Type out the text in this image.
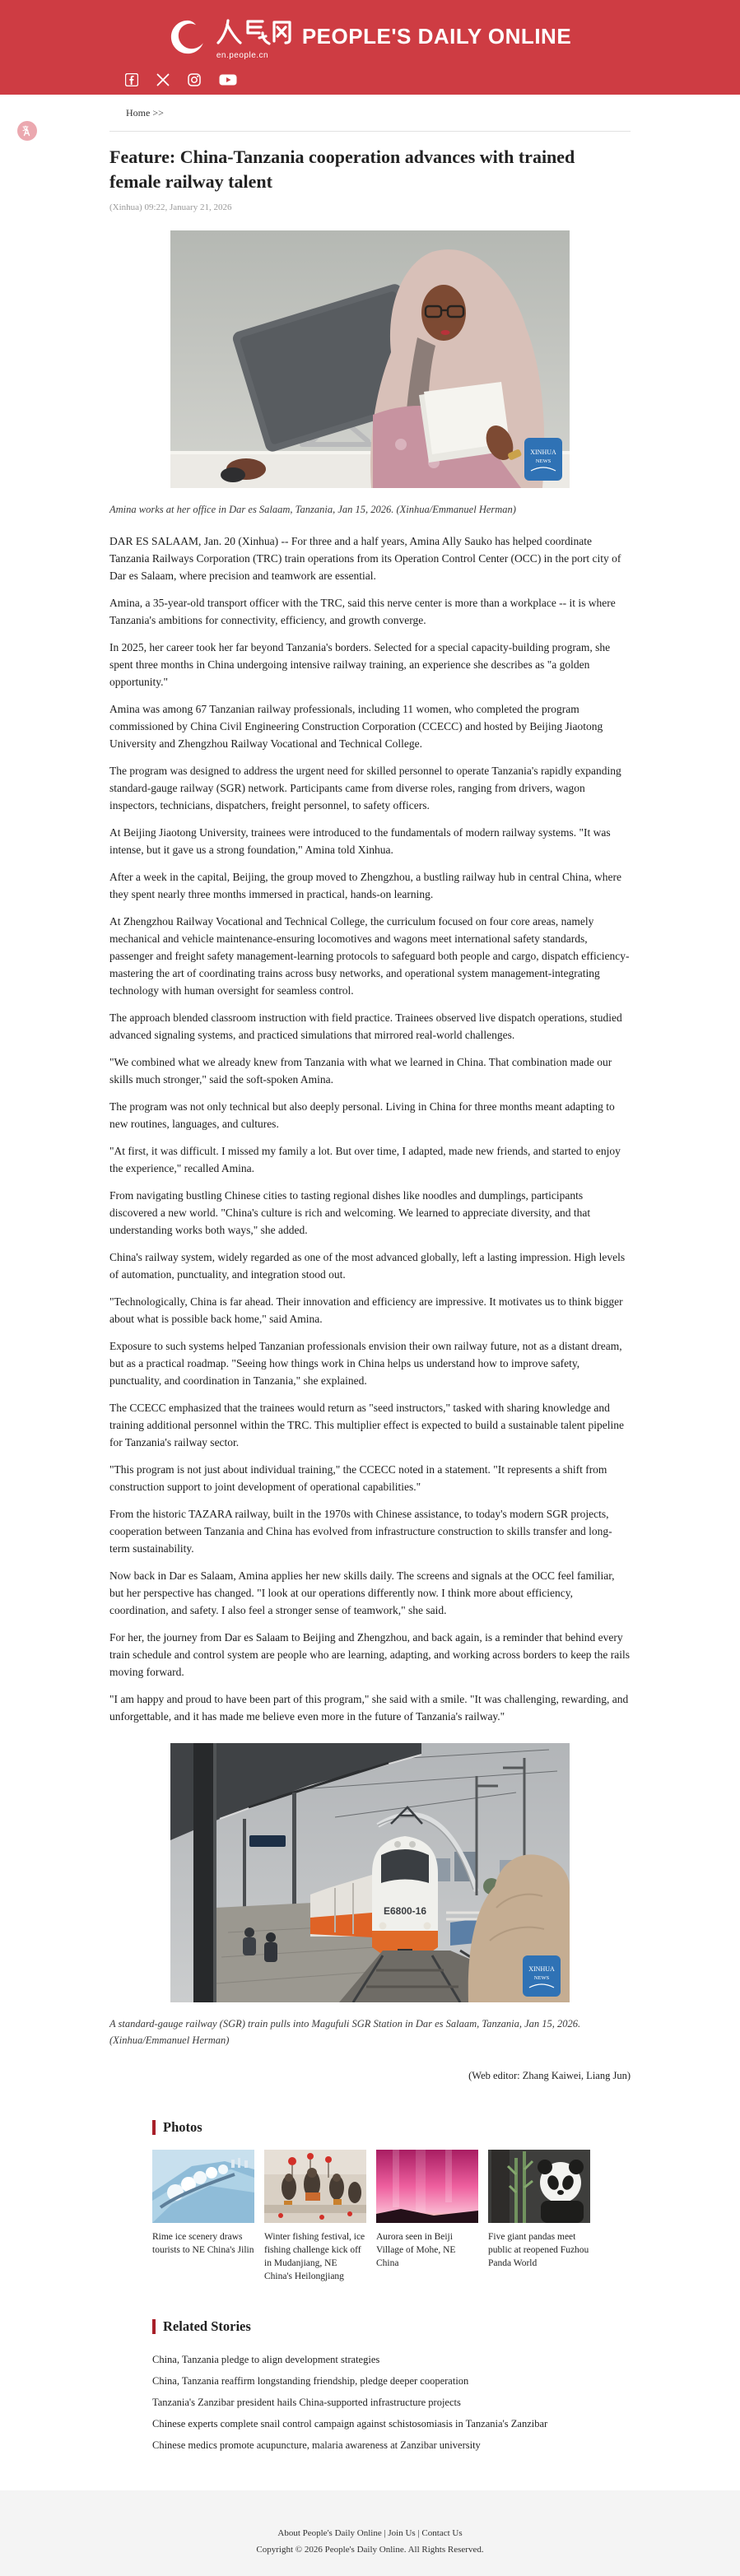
en.people.cn
PEOPLE'S DAILY ONLINE
Home >>
Feature: China-Tanzania cooperation advances with trained female railway talent
(Xinhua) 09:22, January 21, 2026
XINHUA
NEWS
Amina works at her office in Dar es Salaam, Tanzania, Jan 15, 2026. (Xinhua/Emmanuel Herman)

DAR ES SALAAM, Jan. 20 (Xinhua) -- For three and a half years, Amina Ally Sauko has helped coordinate Tanzania Railways Corporation (TRC) train operations from its Operation Control Center (OCC) in the port city of Dar es Salaam, where precision and teamwork are essential.

Amina, a 35-year-old transport officer with the TRC, said this nerve center is more than a workplace -- it is where Tanzania's ambitions for connectivity, efficiency, and growth converge.

In 2025, her career took her far beyond Tanzania's borders. Selected for a special capacity-building program, she spent three months in China undergoing intensive railway training, an experience she describes as "a golden opportunity."

Amina was among 67 Tanzanian railway professionals, including 11 women, who completed the program commissioned by China Civil Engineering Construction Corporation (CCECC) and hosted by Beijing Jiaotong University and Zhengzhou Railway Vocational and Technical College.

The program was designed to address the urgent need for skilled personnel to operate Tanzania's rapidly expanding standard-gauge railway (SGR) network. Participants came from diverse roles, ranging from drivers, wagon inspectors, technicians, dispatchers, freight personnel, to safety officers.

At Beijing Jiaotong University, trainees were introduced to the fundamentals of modern railway systems. "It was intense, but it gave us a strong foundation," Amina told Xinhua.

After a week in the capital, Beijing, the group moved to Zhengzhou, a bustling railway hub in central China, where they spent nearly three months immersed in practical, hands-on learning.

At Zhengzhou Railway Vocational and Technical College, the curriculum focused on four core areas, namely mechanical and vehicle maintenance-ensuring locomotives and wagons meet international safety standards, passenger and freight safety management-learning protocols to safeguard both people and cargo, dispatch efficiency-mastering the art of coordinating trains across busy networks, and operational system management-integrating technology with human oversight for seamless control.

The approach blended classroom instruction with field practice. Trainees observed live dispatch operations, studied advanced signaling systems, and practiced simulations that mirrored real-world challenges.

"We combined what we already knew from Tanzania with what we learned in China. That combination made our skills much stronger," said the soft-spoken Amina.

The program was not only technical but also deeply personal. Living in China for three months meant adapting to new routines, languages, and cultures.

"At first, it was difficult. I missed my family a lot. But over time, I adapted, made new friends, and started to enjoy the experience," recalled Amina.

From navigating bustling Chinese cities to tasting regional dishes like noodles and dumplings, participants discovered a new world. "China's culture is rich and welcoming. We learned to appreciate diversity, and that understanding works both ways," she added.

China's railway system, widely regarded as one of the most advanced globally, left a lasting impression. High levels of automation, punctuality, and integration stood out.

"Technologically, China is far ahead. Their innovation and efficiency are impressive. It motivates us to think bigger about what is possible back home," said Amina.

Exposure to such systems helped Tanzanian professionals envision their own railway future, not as a distant dream, but as a practical roadmap. "Seeing how things work in China helps us understand how to improve safety, punctuality, and coordination in Tanzania," she explained.

The CCECC emphasized that the trainees would return as "seed instructors," tasked with sharing knowledge and training additional personnel within the TRC. This multiplier effect is expected to build a sustainable talent pipeline for Tanzania's railway sector.

"This program is not just about individual training," the CCECC noted in a statement. "It represents a shift from construction support to joint development of operational capabilities."

From the historic TAZARA railway, built in the 1970s with Chinese assistance, to today's modern SGR projects, cooperation between Tanzania and China has evolved from infrastructure construction to skills transfer and long-term sustainability.

Now back in Dar es Salaam, Amina applies her new skills daily. The screens and signals at the OCC feel familiar, but her perspective has changed. "I look at our operations differently now. I think more about efficiency, coordination, and safety. I also feel a stronger sense of teamwork," she said.

For her, the journey from Dar es Salaam to Beijing and Zhengzhou, and back again, is a reminder that behind every train schedule and control system are people who are learning, adapting, and working across borders to keep the rails moving forward.

"I am happy and proud to have been part of this program," she said with a smile. "It was challenging, rewarding, and unforgettable, and it has made me believe even more in the future of Tanzania's railway."

E6800-16
XINHUA
NEWS
A standard-gauge railway (SGR) train pulls into Magufuli SGR Station in Dar es Salaam, Tanzania, Jan 15, 2026. (Xinhua/Emmanuel Herman)
(Web editor: Zhang Kaiwei, Liang Jun)
Photos
Rime ice scenery draws tourists to NE China's Jilin
Winter fishing festival, ice fishing challenge kick off in Mudanjiang, NE China's Heilongjiang
Aurora seen in Beiji Village of Mohe, NE China
Five giant pandas meet public at reopened Fuzhou Panda World
Related Stories
China, Tanzania pledge to align development strategies
China, Tanzania reaffirm longstanding friendship, pledge deeper cooperation
Tanzania's Zanzibar president hails China-supported infrastructure projects
Chinese experts complete snail control campaign against schistosomiasis in Tanzania's Zanzibar
Chinese medics promote acupuncture, malaria awareness at Zanzibar university
About People's Daily Online | Join Us | Contact Us
Copyright © 2026 People's Daily Online. All Rights Reserved.
